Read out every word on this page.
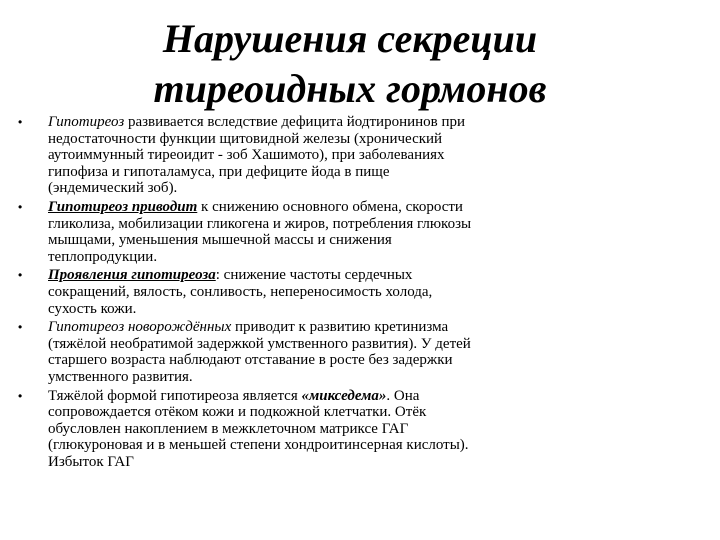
Нарушения секреции
тиреоидных гормонов
• Гипотиреоз развивается вследствие дефицита йодтиронинов при
недостаточности функции щитовидной железы (хронический
аутоиммунный тиреоидит - зоб Хашимото), при заболеваниях
гипофиза и гипоталамуса, при дефиците йода в пище
(эндемический зоб).
• Гипотиреоз приводит к снижению основного обмена, скорости
гликолиза, мобилизации гликогена и жиров, потребления глюкозы
мышцами, уменьшения мышечной массы и снижения
теплопродукции.
• Проявления гипотиреоза: снижение частоты сердечных
сокращений, вялость, сонливость, непереносимость холода,
сухость кожи.
• Гипотиреоз новорождённых приводит к развитию кретинизма
(тяжёлой необратимой задержкой умственного развития). У детей
старшего возраста наблюдают отставание в росте без задержки
умственного развития.
• Тяжёлой формой гипотиреоза является «микседема». Она
сопровождается отёком кожи и подкожной клетчатки. Отёк
обусловлен накоплением в межклеточном матриксе ГАГ
(глюкуроновая и в меньшей степени хондроитинсерная кислоты).
Избыток ГАГ
